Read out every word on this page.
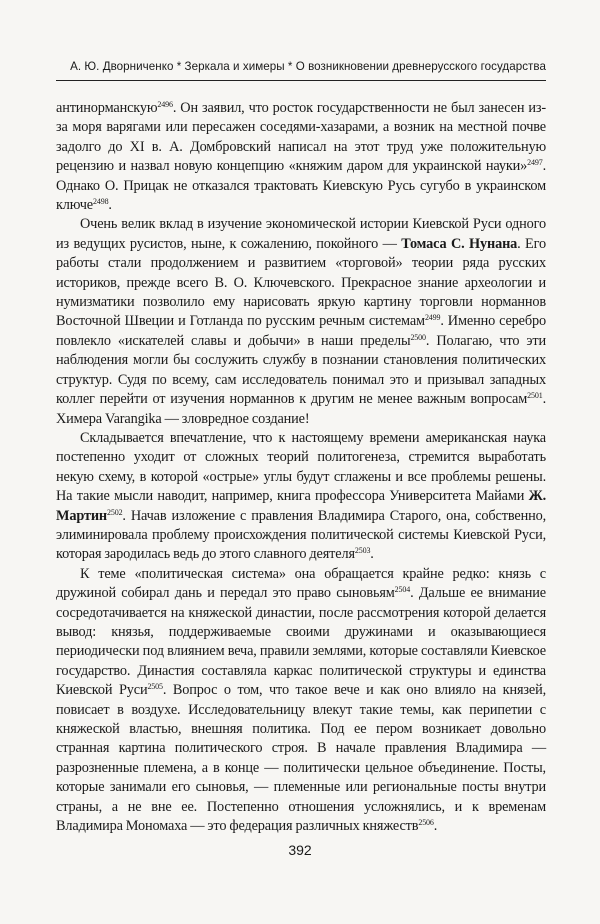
А. Ю. Дворниченко * Зеркала и химеры * О возникновении древнерусского государства

антинорманскую$^{2496}$. Он заявил, что росток государственности не был занесен из-за моря варягами или пересажен соседями-хазарами, а возник на местной почве задолго до XI в. А. Домбровский написал на этот труд уже положительную рецензию и назвал новую концепцию «княжим даром для украинской науки»$^{2497}$. Однако О. Прицак не отказался трактовать Киевскую Русь сугубо в украинском ключе$^{2498}$.

Очень велик вклад в изучение экономической истории Киевской Руси одного из ведущих русистов, ныне, к сожалению, покойного — Томаса С. Нунана. Его работы стали продолжением и развитием «торговой» теории ряда русских историков, прежде всего В. О. Ключевского. Прекрасное знание археологии и нумизматики позволило ему нарисовать яркую картину торговли норманнов Восточной Швеции и Готланда по русским речным системам$^{2499}$. Именно серебро повлекло «искателей славы и добычи» в наши пределы$^{2500}$. Полагаю, что эти наблюдения могли бы сослужить службу в познании становления политических структур. Судя по всему, сам исследователь понимал это и призывал западных коллег перейти от изучения норманнов к другим не менее важным вопросам$^{2501}$. Химера Varangika — зловредное создание!

Складывается впечатление, что к настоящему времени американская наука постепенно уходит от сложных теорий политогенеза, стремится выработать некую схему, в которой «острые» углы будут сглажены и все проблемы решены. На такие мысли наводит, например, книга профессора Университета Майами Ж. Мартин$^{2502}$. Начав изложение с правления Владимира Старого, она, собственно, элиминировала проблему происхождения политической системы Киевской Руси, которая зародилась ведь до этого славного деятеля$^{2503}$.

К теме «политическая система» она обращается крайне редко: князь с дружиной собирал дань и передал это право сыновьям$^{2504}$. Дальше ее внимание сосредотачивается на княжеской династии, после рассмотрения которой делается вывод: князья, поддерживаемые своими дружинами и оказывающиеся периодически под влиянием веча, правили землями, которые составляли Киевское государство. Династия составляла каркас политической структуры и единства Киевской Руси$^{2505}$. Вопрос о том, что такое вече и как оно влияло на князей, повисает в воздухе. Исследовательницу влекут такие темы, как перипетии с княжеской властью, внешняя политика. Под ее пером возникает довольно странная картина политического строя. В начале правления Владимира — разрозненные племена, а в конце — политически цельное объединение. Посты, которые занимали его сыновья, — племенные или региональные посты внутри страны, а не вне ее. Постепенно отношения усложнялись, и к временам Владимира Мономаха — это федерация различных княжеств$^{2506}$.

392
